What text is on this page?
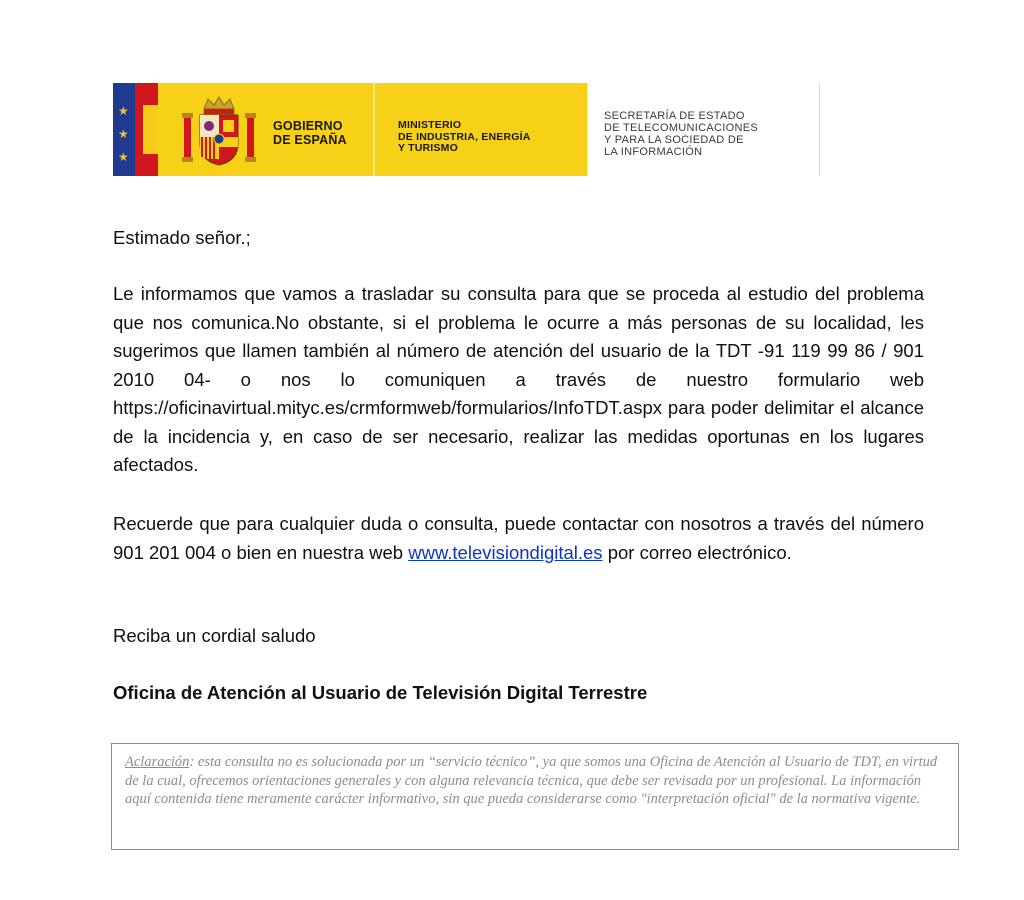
★
★
★
GOBIERNO
DE ESPAÑA
MINISTERIO
DE INDUSTRIA, ENERGÍA
Y TURISMO
SECRETARÍA DE ESTADO
DE TELECOMUNICACIONES
Y PARA LA SOCIEDAD DE
LA INFORMACIÓN

Estimado señor.;

Le informamos que vamos a trasladar su consulta para que se proceda al estudio del problema que nos comunica.No obstante, si el problema le ocurre a más personas de su localidad, les sugerimos que llamen también al número de atención del usuario de la TDT -91 119 99 86 / 901 2010 04- o nos lo comuniquen a través de nuestro formulario web https://oficinavirtual.mityc.es/crmformweb/formularios/InfoTDT.aspx para poder delimitar el alcance de la incidencia y, en caso de ser necesario, realizar las medidas oportunas en los lugares afectados.

Recuerde que para cualquier duda o consulta, puede contactar con nosotros a través del número 901 201 004 o bien en nuestra web www.televisiondigital.es por correo electrónico.

Reciba un cordial saludo

Oficina de Atención al Usuario de Televisión Digital Terrestre

Aclaración: esta consulta no es solucionada por un “servicio técnico”, ya que somos una Oficina de Atención al Usuario de TDT, en virtud de la cual, ofrecemos orientaciones generales y con alguna relevancia técnica, que debe ser revisada por un profesional. La información aquí contenida tiene meramente carácter informativo, sin que pueda considerarse como "interpretación oficial" de la normativa vigente.
